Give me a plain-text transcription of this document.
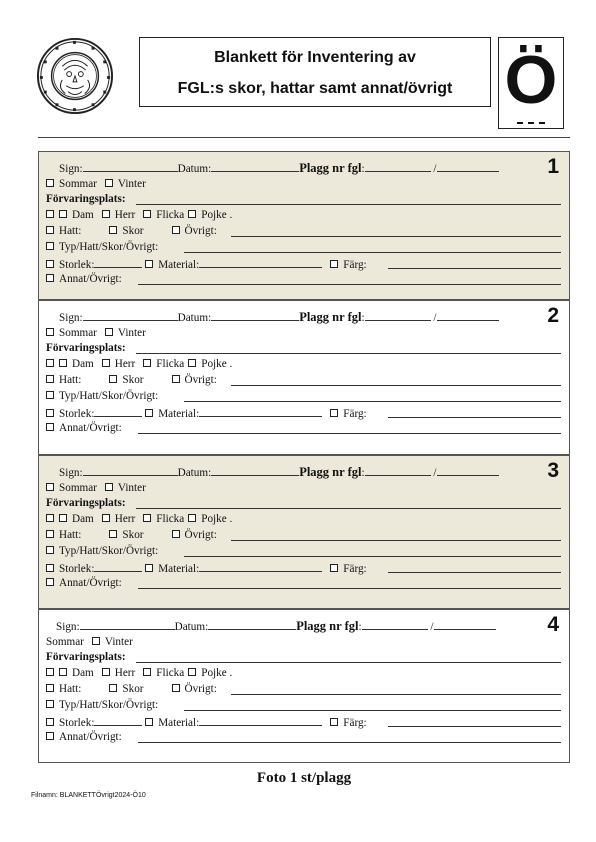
Blankett för Inventering av
FGL:s skor, hattar samt annat/övrigt Ö
1
Sign:	Datum:	Plagg nr fgl:	/
Sommar Vinter
Förvaringsplats:
Dam Herr Flicka Pojke .
Hatt:	Skor	Övrigt:
Typ/Hatt/Skor/Övrigt:
Storlek:	Material:	Färg:
Annat/Övrigt:
2
Sign:	Datum:	Plagg nr fgl:	/
Sommar Vinter
Förvaringsplats:
Dam Herr Flicka Pojke .
Hatt:	Skor	Övrigt:
Typ/Hatt/Skor/Övrigt:
Storlek:	Material:	Färg:
Annat/Övrigt:
3
Sign:	Datum:	Plagg nr fgl:	/
Sommar Vinter
Förvaringsplats:
Dam Herr Flicka Pojke .
Hatt:	Skor	Övrigt:
Typ/Hatt/Skor/Övrigt:
Storlek:	Material:	Färg:
Annat/Övrigt:
4
Sign:	Datum:	Plagg nr fgl:	/
Sommar Vinter
Förvaringsplats:
Dam Herr Flicka Pojke .
Hatt:	Skor	Övrigt:
Typ/Hatt/Skor/Övrigt:
Storlek:	Material:	Färg:
Annat/Övrigt:
Foto 1 st/plagg
Filnamn: BLANKETTÖvrigt2024-Ö10
